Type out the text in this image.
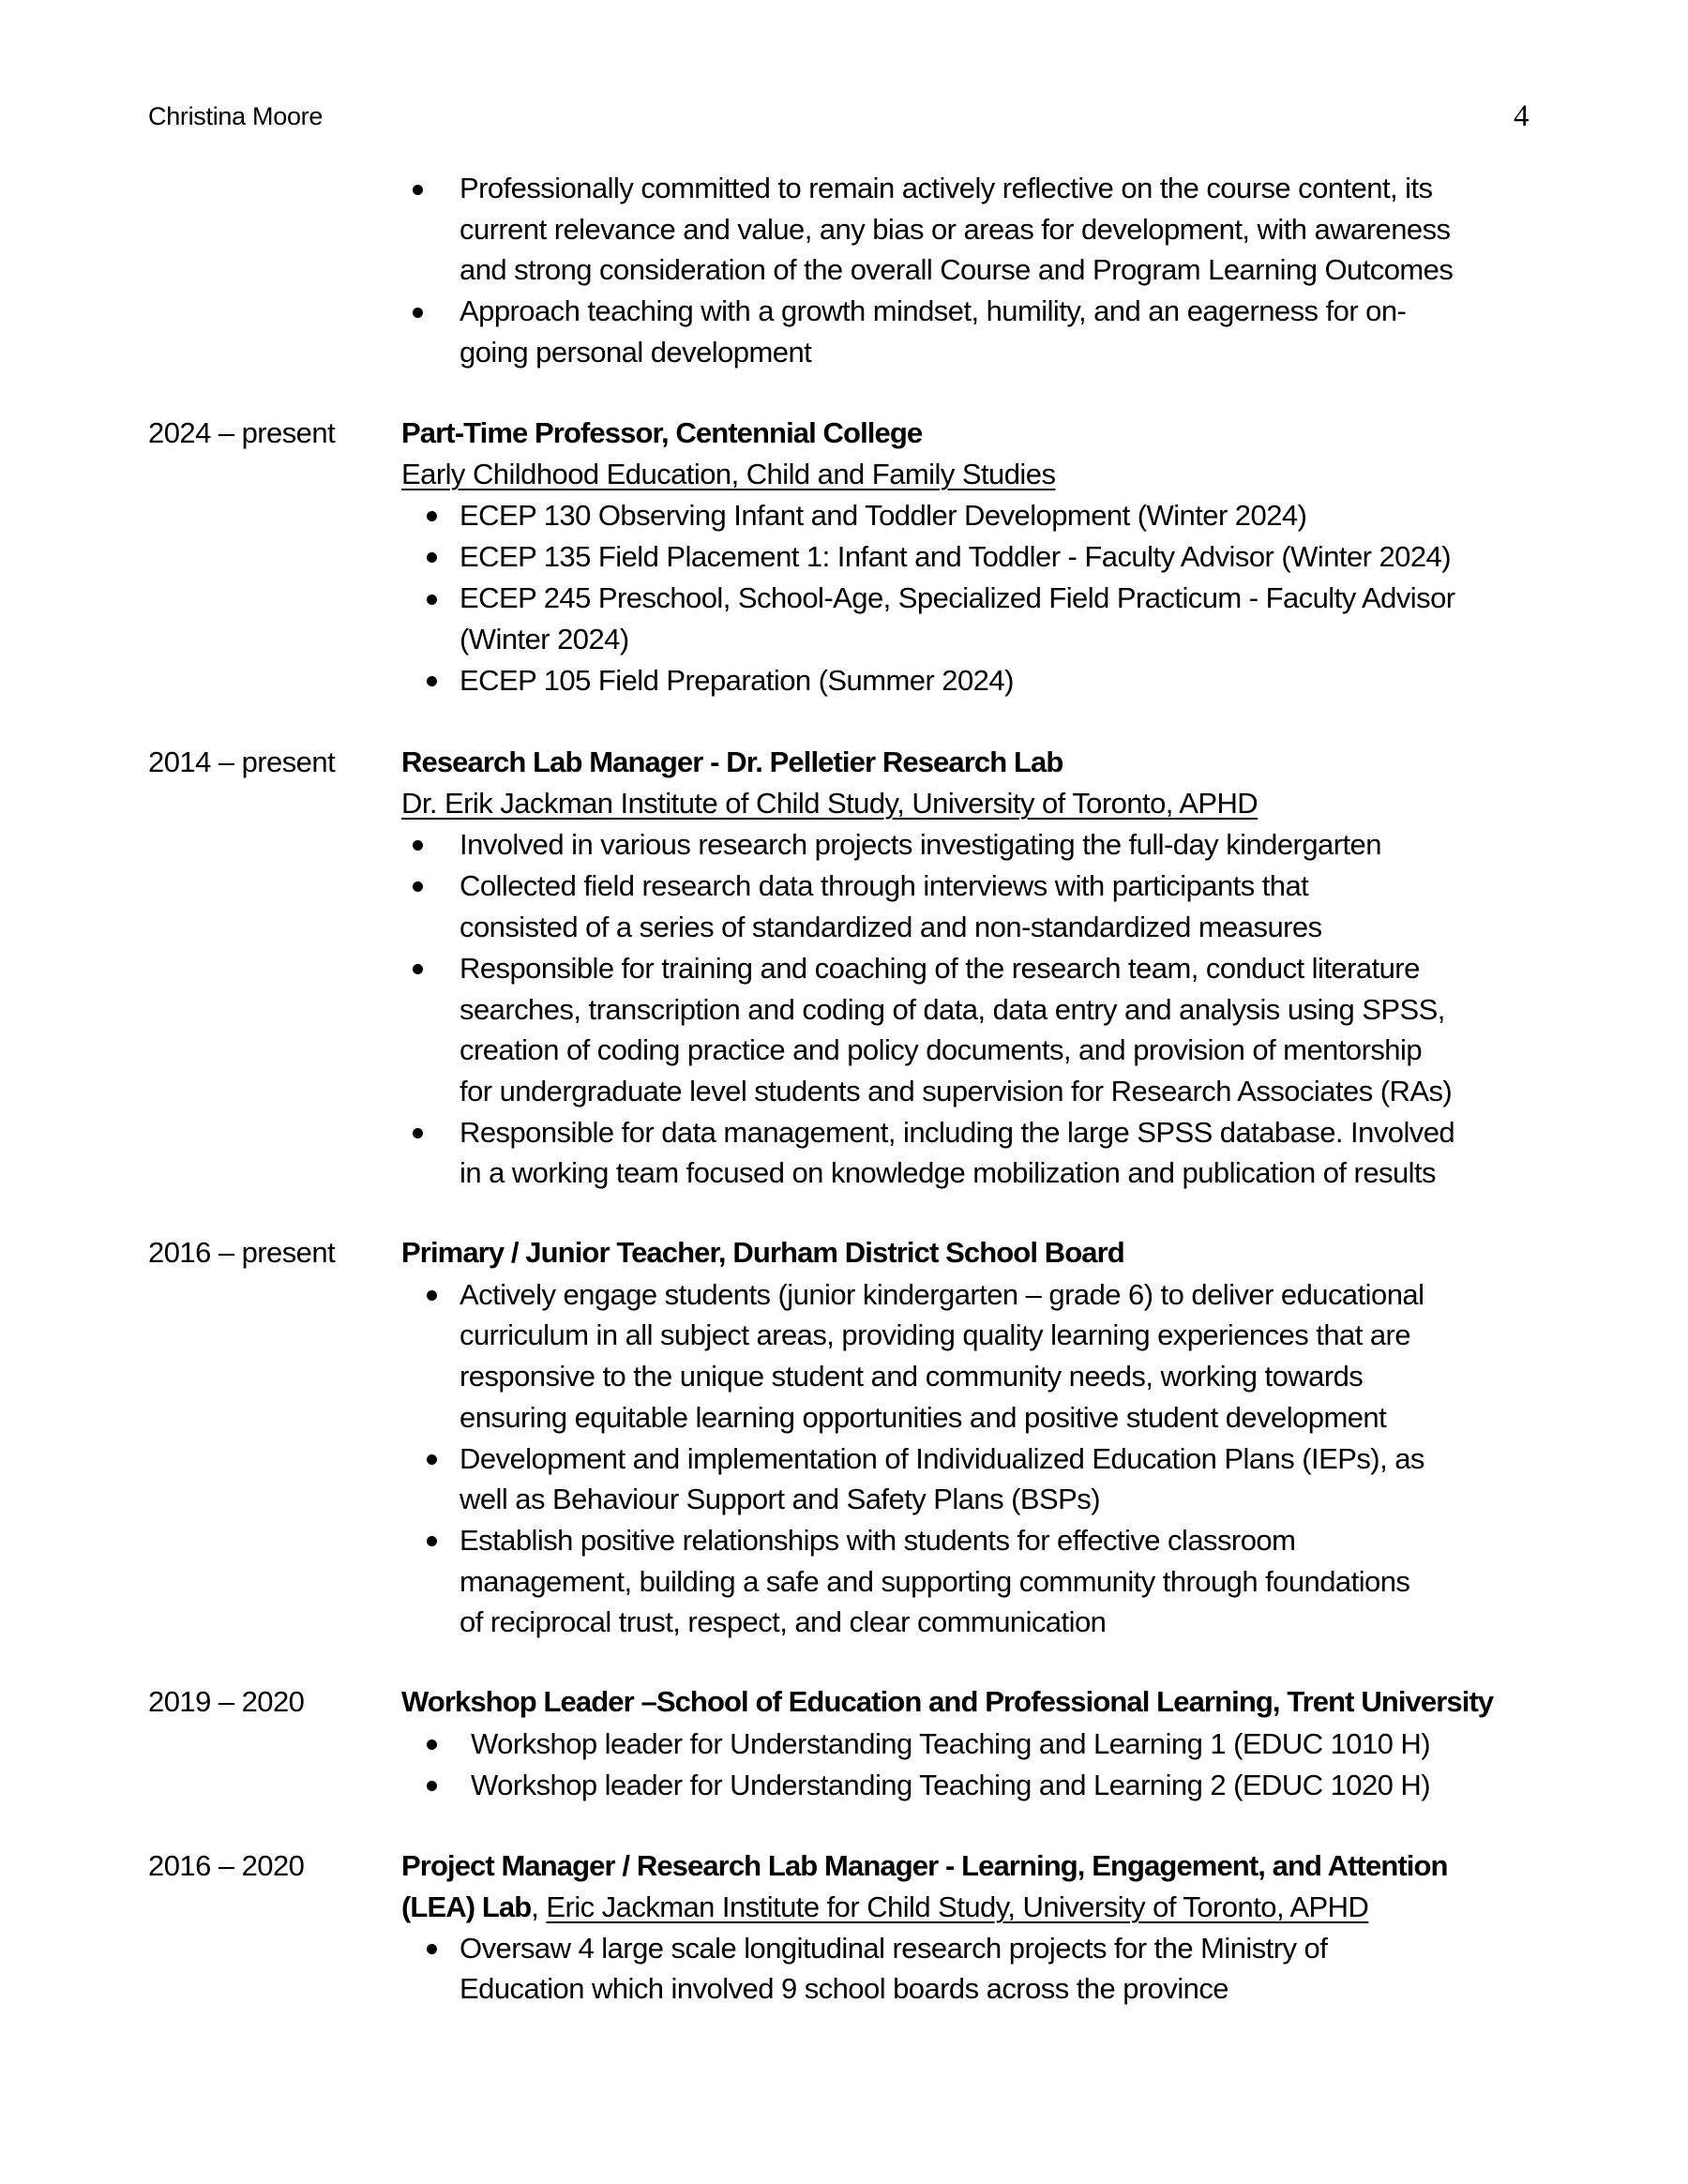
Christina Moore	4
Professionally committed to remain actively reflective on the course content, its
current relevance and value, any bias or areas for development, with awareness
and strong consideration of the overall Course and Program Learning Outcomes
Approach teaching with a growth mindset, humility, and an eagerness for on-
going personal development
2024 – present Part-Time Professor, Centennial College
Early Childhood Education, Child and Family Studies
ECEP 130 Observing Infant and Toddler Development (Winter 2024)
ECEP 135 Field Placement 1: Infant and Toddler - Faculty Advisor (Winter 2024)
ECEP 245 Preschool, School-Age, Specialized Field Practicum - Faculty Advisor
(Winter 2024)
ECEP 105 Field Preparation (Summer 2024)
2014 – present Research Lab Manager - Dr. Pelletier Research Lab
Dr. Erik Jackman Institute of Child Study, University of Toronto, APHD
Involved in various research projects investigating the full-day kindergarten
Collected field research data through interviews with participants that
consisted of a series of standardized and non-standardized measures
Responsible for training and coaching of the research team, conduct literature
searches, transcription and coding of data, data entry and analysis using SPSS,
creation of coding practice and policy documents, and provision of mentorship
for undergraduate level students and supervision for Research Associates (RAs)
Responsible for data management, including the large SPSS database. Involved
in a working team focused on knowledge mobilization and publication of results
2016 – present Primary / Junior Teacher, Durham District School Board
Actively engage students (junior kindergarten – grade 6) to deliver educational
curriculum in all subject areas, providing quality learning experiences that are
responsive to the unique student and community needs, working towards
ensuring equitable learning opportunities and positive student development
Development and implementation of Individualized Education Plans (IEPs), as
well as Behaviour Support and Safety Plans (BSPs)
Establish positive relationships with students for effective classroom
management, building a safe and supporting community through foundations
of reciprocal trust, respect, and clear communication
2019 – 2020	Workshop Leader –School of Education and Professional Learning, Trent University
Workshop leader for Understanding Teaching and Learning 1 (EDUC 1010 H)
Workshop leader for Understanding Teaching and Learning 2 (EDUC 1020 H)
2016 – 2020	Project Manager / Research Lab Manager - Learning, Engagement, and Attention
(LEA) Lab, Eric Jackman Institute for Child Study, University of Toronto, APHD
Oversaw 4 large scale longitudinal research projects for the Ministry of
Education which involved 9 school boards across the province
